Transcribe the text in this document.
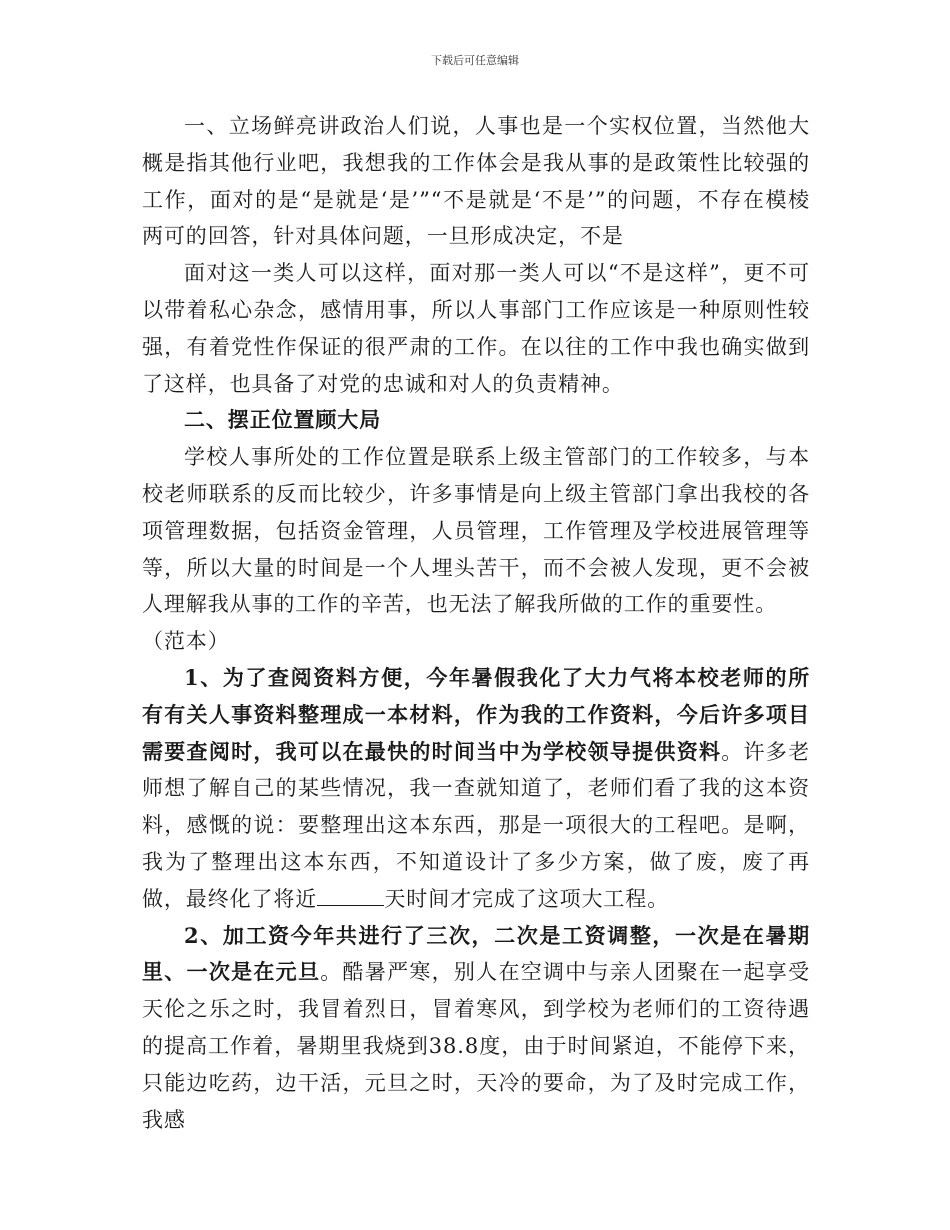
下载后可任意编辑

一、立场鲜亮讲政治人们说，人事也是一个实权位置，当然他大概是指其他行业吧，我想我的工作体会是我从事的是政策性比较强的工作，面对的是“是就是‘是’”“不是就是‘不是’”的问题，不存在模棱两可的回答，针对具体问题，一旦形成决定，不是

面对这一类人可以这样，面对那一类人可以“不是这样”，更不可以带着私心杂念，感情用事，所以人事部门工作应该是一种原则性较强，有着党性作保证的很严肃的工作。在以往的工作中我也确实做到了这样，也具备了对党的忠诚和对人的负责精神。

二、摆正位置顾大局

学校人事所处的工作位置是联系上级主管部门的工作较多，与本校老师联系的反而比较少，许多事情是向上级主管部门拿出我校的各项管理数据，包括资金管理，人员管理，工作管理及学校进展管理等等，所以大量的时间是一个人埋头苦干，而不会被人发现，更不会被人理解我从事的工作的辛苦，也无法了解我所做的工作的重要性。

（范本）

1、为了查阅资料方便，今年暑假我化了大力气将本校老师的所有有关人事资料整理成一本材料，作为我的工作资料，今后许多项目需要查阅时，我可以在最快的时间当中为学校领导提供资料。许多老师想了解自己的某些情况，我一查就知道了，老师们看了我的这本资料，感慨的说：要整理出这本东西，那是一项很大的工程吧。是啊，我为了整理出这本东西，不知道设计了多少方案，做了废，废了再做，最终化了将近	天时间才完成了这项大工程。

2、加工资今年共进行了三次，二次是工资调整，一次是在暑期里、一次是在元旦。酷暑严寒，别人在空调中与亲人团聚在一起享受天伦之乐之时，我冒着烈日，冒着寒风，到学校为老师们的工资待遇的提高工作着，暑期里我烧到38.8度，由于时间紧迫，不能停下来，只能边吃药，边干活，元旦之时，天冷的要命，为了及时完成工作，我感
